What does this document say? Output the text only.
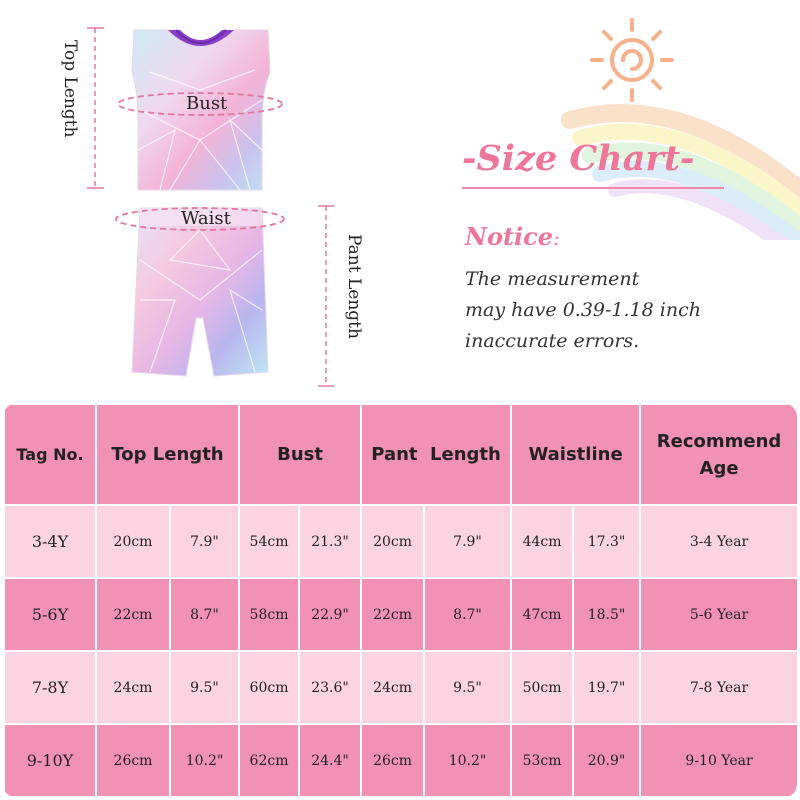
Top Length	Bust
Waist
Pant Length
-Size Chart-
Notice:
The measurement
may have 0.39-1.18 inch
inaccurate errors.
Tag No.	Top Length		Bust		Pant  Length		Waistline		Recommend Age
3-4Y	20cm	7.9"	54cm	21.3"	20cm	7.9"	44cm	17.3"	3-4 Year
5-6Y	22cm	8.7"	58cm	22.9"	22cm	8.7"	47cm	18.5"	5-6 Year
7-8Y	24cm	9.5"	60cm	23.6"	24cm	9.5"	50cm	19.7"	7-8 Year
9-10Y	26cm	10.2"	62cm	24.4"	26cm	10.2"	53cm	20.9"	9-10 Year
